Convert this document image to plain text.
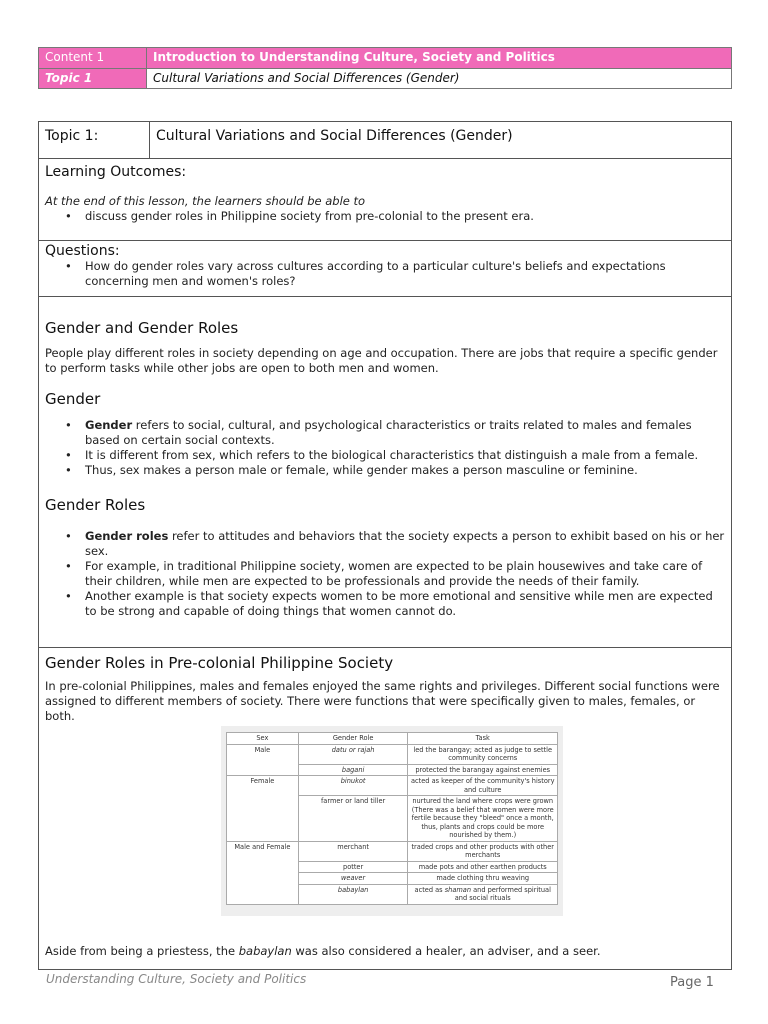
Content 1	Introduction to Understanding Culture, Society and Politics
Topic 1	Cultural Variations and Social Differences (Gender)
Topic 1:	Cultural Variations and Social Differences (Gender)
Learning Outcomes:
At the end of this lesson, the learners should be able to
• discuss gender roles in Philippine society from pre-colonial to the present era.
Questions:
• How do gender roles vary across cultures according to a particular culture's beliefs and expectations concerning men and women's roles?
Gender and Gender Roles
People play different roles in society depending on age and occupation. There are jobs that require a specific gender to perform tasks while other jobs are open to both men and women.
Gender
• Gender refers to social, cultural, and psychological characteristics or traits related to males and females based on certain social contexts.
• It is different from sex, which refers to the biological characteristics that distinguish a male from a female.
• Thus, sex makes a person male or female, while gender makes a person masculine or feminine.
Gender Roles
• Gender roles refer to attitudes and behaviors that the society expects a person to exhibit based on his or her sex.
• For example, in traditional Philippine society, women are expected to be plain housewives and take care of their children, while men are expected to be professionals and provide the needs of their family.
• Another example is that society expects women to be more emotional and sensitive while men are expected to be strong and capable of doing things that women cannot do.
Gender Roles in Pre-colonial Philippine Society
In pre-colonial Philippines, males and females enjoyed the same rights and privileges. Different social functions were assigned to different members of society. There were functions that were specifically given to males, females, or both.
Aside from being a priestess, the babaylan was also considered a healer, an adviser, and a seer.
Sex	Gender Role	Task
Male	datu or rajah	led the barangay; acted as judge to settle community concerns
	bagani	protected the barangay against enemies
Female	binukot	acted as keeper of the community's history and culture
	farmer or land tiller	nurtured the land where crops were grown (There was a belief that women were more fertile because they "bleed" once a month, thus, plants and crops could be more nourished by them.)
Male and Female	merchant	traded crops and other products with other merchants
	potter	made pots and other earthen products
	weaver	made clothing thru weaving
	babaylan	acted as shaman and performed spiritual and social rituals
Understanding Culture, Society and Politics	Page 1
